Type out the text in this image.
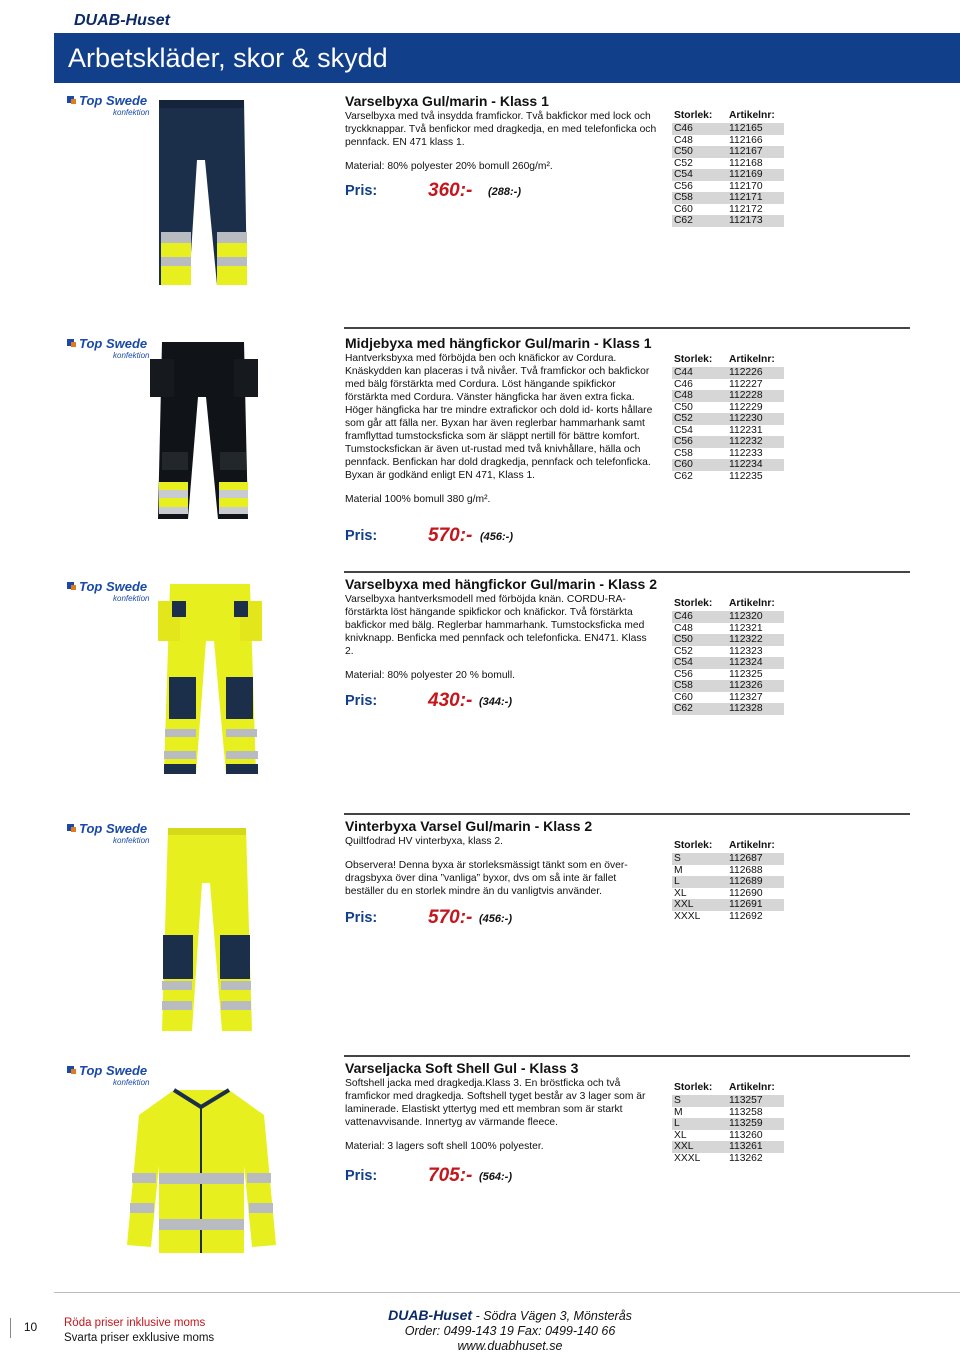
DUAB-Huset
Arbetskläder, skor & skydd
Top Swede
konfektion
Varselbyxa Gul/marin - Klass 1

Varselbyxa med två insydda framfickor. Två bakfickor med lock och tryckknappar. Två benfickor med dragkedja, en med telefonficka och pennfack. EN 471 klass 1.

Material: 80% polyester 20% bomull 260g/m².

Pris:	360:- (288:-)
Storlek:	Artikelnr:
C46	112165
C48	112166
C50	112167
C52	112168
C54	112169
C56	112170
C58	112171
C60	112172
C62	112173
Top Swede
konfektion
Midjebyxa med hängfickor Gul/marin - Klass 1

Hantverksbyxa med förböjda ben och knäfickor av Cordura. Knäskydden kan placeras i två nivåer. Två framfickor och bakfickor med bälg förstärkta med Cordura. Löst hängande spikfickor förstärkta med Cordura. Vänster hängficka har även extra ficka. Höger hängficka har tre mindre extrafickor och dold id- korts hållare som går att fälla ner. Byxan har även reglerbar hammarhank samt framflyttad tumstocksficka som är släppt nertill för bättre komfort. Tumstocksfickan är även ut-rustad med två knivhållare, hälla och pennfack. Benfickan har dold dragkedja, pennfack och telefonficka. Byxan är godkänd enligt EN 471, Klass 1.

Material 100% bomull 380 g/m².

Pris:	570:- (456:-)
Storlek:	Artikelnr:
C44	112226
C46	112227
C48	112228
C50	112229
C52	112230
C54	112231
C56	112232
C58	112233
C60	112234
C62	112235
Top Swede
konfektion
Varselbyxa med hängfickor Gul/marin - Klass 2

Varselbyxa hantverksmodell med förböjda knän. CORDU-RA-förstärkta löst hängande spikfickor och knäfickor. Två förstärkta bakfickor med bälg. Reglerbar hammarhank. Tumstocksficka med knivknapp. Benficka med pennfack och telefonficka. EN471. Klass 2.

Material: 80% polyester 20 % bomull.

Pris:	430:- (344:-)
Storlek:	Artikelnr:
C46	112320
C48	112321
C50	112322
C52	112323
C54	112324
C56	112325
C58	112326
C60	112327
C62	112328
Top Swede
konfektion
Vinterbyxa Varsel Gul/marin - Klass 2

Quiltfodrad HV vinterbyxa, klass 2.

Observera! Denna byxa är storleksmässigt tänkt som en över-dragsbyxa över dina ”vanliga” byxor, dvs om så inte är fallet beställer du en storlek mindre än du vanligtvis använder.

Pris:	570:- (456:-)
Storlek:	Artikelnr:
S	112687
M	112688
L	112689
XL	112690
XXL	112691
XXXL	112692
Top Swede
konfektion
Varseljacka Soft Shell Gul - Klass 3

Softshell jacka med dragkedja.Klass 3. En bröstficka och två framfickor med dragkedja. Softshell tyget består av 3 lager som är laminerade. Elastiskt yttertyg med ett membran som är starkt vattenavvisande. Innertyg av värmande fleece.

Material: 3 lagers soft shell 100% polyester.

Pris:	705:- (564:-)
Storlek:	Artikelnr:
S	113257
M	113258
L	113259
XL	113260
XXL	113261
XXXL	113262
10	Röda priser inklusive moms
Svarta priser exklusive moms
DUAB-Huset - Södra Vägen 3, Mönsterås
Order: 0499-143 19 Fax: 0499-140 66
www.duabhuset.se
